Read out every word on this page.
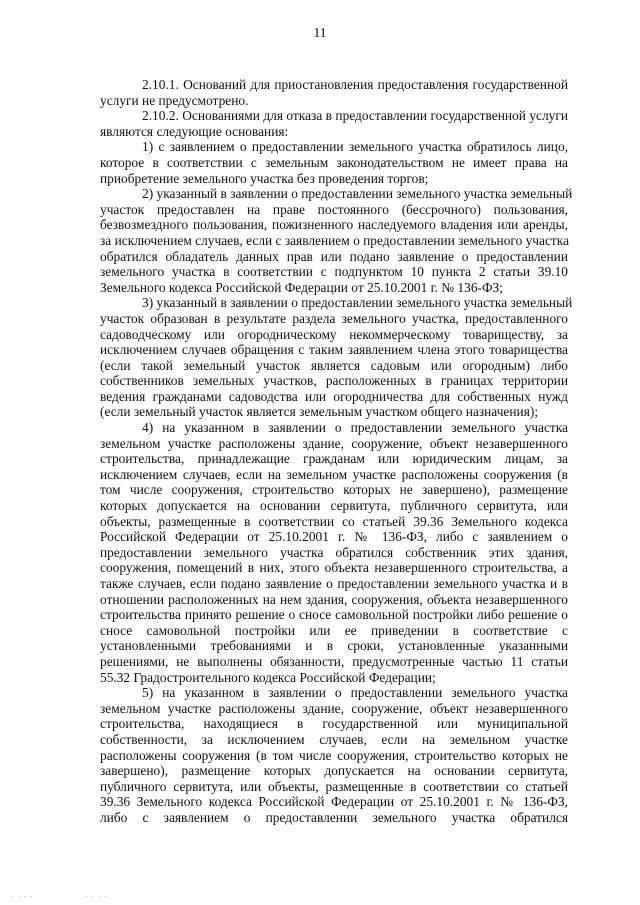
11
2.10.1. Оснований для приостановления предоставления государственной
услуги не предусмотрено.
2.10.2. Основаниями для отказа в предоставлении государственной услуги
являются следующие основания:
1) с заявлением о предоставлении земельного участка обратилось лицо,
которое в соответствии с земельным законодательством не имеет права на
приобретение земельного участка без проведения торгов;
2) указанный в заявлении о предоставлении земельного участка земельный
участок предоставлен на праве постоянного (бессрочного) пользования,
безвозмездного пользования, пожизненного наследуемого владения или аренды,
за исключением случаев, если с заявлением о предоставлении земельного участка
обратился обладатель данных прав или подано заявление о предоставлении
земельного участка в соответствии с подпунктом 10 пункта 2 статьи 39.10
Земельного кодекса Российской Федерации от 25.10.2001 г. № 136-ФЗ;
3) указанный в заявлении о предоставлении земельного участка земельный
участок образован в результате раздела земельного участка, предоставленного
садоводческому или огородническому некоммерческому товариществу, за
исключением случаев обращения с таким заявлением члена этого товарищества
(если такой земельный участок является садовым или огородным) либо
собственников земельных участков, расположенных в границах территории
ведения гражданами садоводства или огородничества для собственных нужд
(если земельный участок является земельным участком общего назначения);
4) на указанном в заявлении о предоставлении земельного участка
земельном участке расположены здание, сооружение, объект незавершенного
строительства, принадлежащие гражданам или юридическим лицам, за
исключением случаев, если на земельном участке расположены сооружения (в
том числе сооружения, строительство которых не завершено), размещение
которых допускается на основании сервитута, публичного сервитута, или
объекты, размещенные в соответствии со статьей 39.36 Земельного кодекса
Российской Федерации от 25.10.2001 г. № 136-ФЗ, либо с заявлением о
предоставлении земельного участка обратился собственник этих здания,
сооружения, помещений в них, этого объекта незавершенного строительства, а
также случаев, если подано заявление о предоставлении земельного участка и в
отношении расположенных на нем здания, сооружения, объекта незавершенного
строительства принято решение о сносе самовольной постройки либо решение о
сносе самовольной постройки или ее приведении в соответствие с
установленными требованиями и в сроки, установленные указанными
решениями, не выполнены обязанности, предусмотренные частью 11 статьи
55.32 Градостроительного кодекса Российской Федерации;
5) на указанном в заявлении о предоставлении земельного участка
земельном участке расположены здание, сооружение, объект незавершенного
строительства, находящиеся в государственной или муниципальной
собственности, за исключением случаев, если на земельном участке
расположены сооружения (в том числе сооружения, строительство которых не
завершено), размещение которых допускается на основании сервитута,
публичного сервитута, или объекты, размещенные в соответствии со статьей
39.36 Земельного кодекса Российской Федерации от 25.10.2001 г. № 136-ФЗ,
либо с заявлением о предоставлении земельного участка обратился
. . . .	. . . .
